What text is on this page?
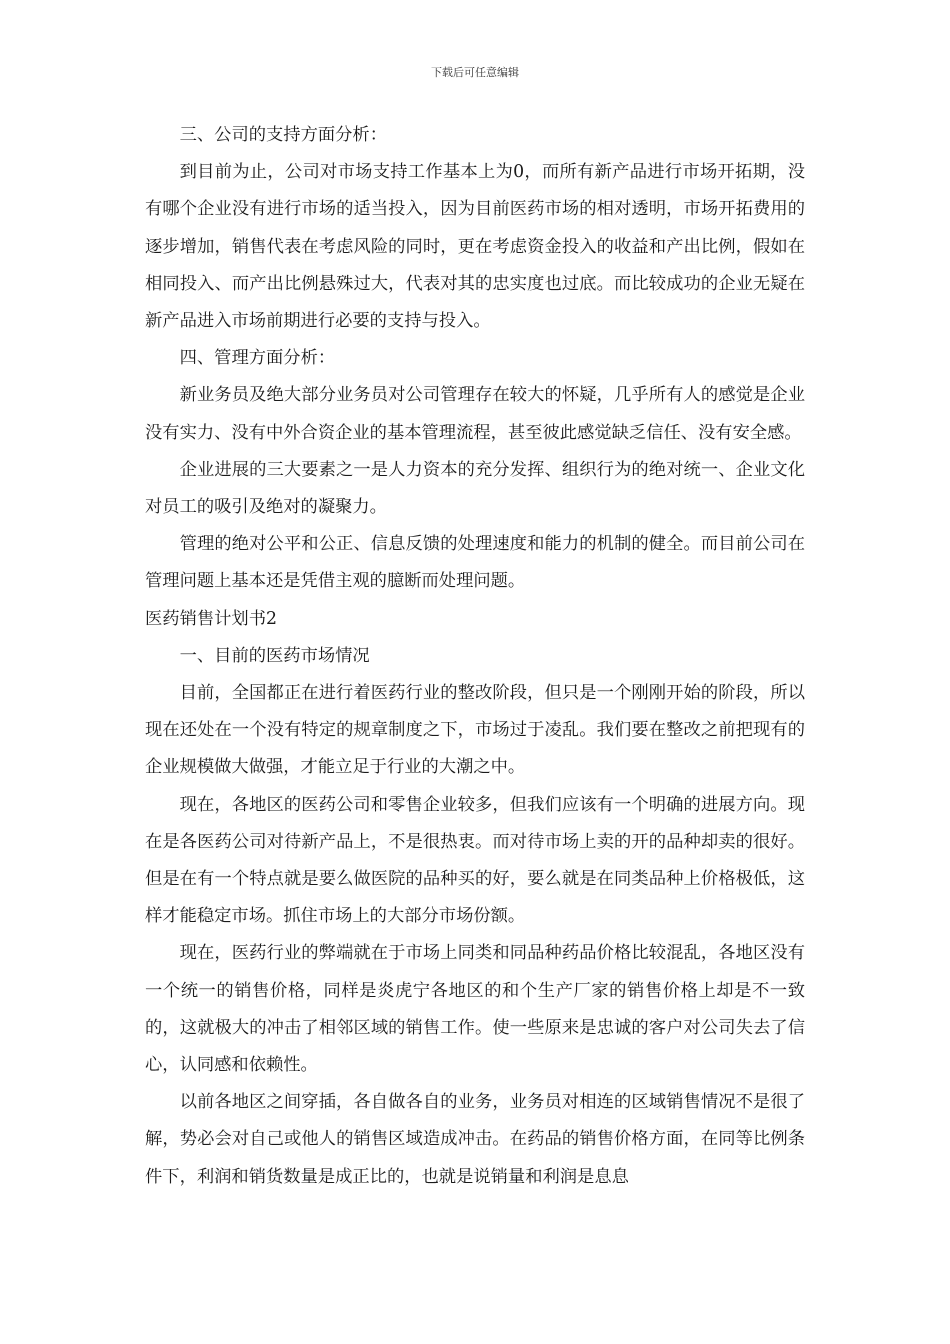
下载后可任意编辑

三、公司的支持方面分析：

到目前为止，公司对市场支持工作基本上为0，而所有新产品进行市场开拓期，没有哪个企业没有进行市场的适当投入，因为目前医药市场的相对透明，市场开拓费用的逐步增加，销售代表在考虑风险的同时，更在考虑资金投入的收益和产出比例，假如在相同投入、而产出比例悬殊过大，代表对其的忠实度也过底。而比较成功的企业无疑在新产品进入市场前期进行必要的支持与投入。

四、管理方面分析：

新业务员及绝大部分业务员对公司管理存在较大的怀疑，几乎所有人的感觉是企业没有实力、没有中外合资企业的基本管理流程，甚至彼此感觉缺乏信任、没有安全感。

企业进展的三大要素之一是人力资本的充分发挥、组织行为的绝对统一、企业文化对员工的吸引及绝对的凝聚力。

管理的绝对公平和公正、信息反馈的处理速度和能力的机制的健全。而目前公司在管理问题上基本还是凭借主观的臆断而处理问题。

医药销售计划书2

一、目前的医药市场情况

目前，全国都正在进行着医药行业的整改阶段，但只是一个刚刚开始的阶段，所以现在还处在一个没有特定的规章制度之下，市场过于凌乱。我们要在整改之前把现有的企业规模做大做强，才能立足于行业的大潮之中。

现在，各地区的医药公司和零售企业较多，但我们应该有一个明确的进展方向。现在是各医药公司对待新产品上，不是很热衷。而对待市场上卖的开的品种却卖的很好。但是在有一个特点就是要么做医院的品种买的好，要么就是在同类品种上价格极低，这样才能稳定市场。抓住市场上的大部分市场份额。

现在，医药行业的弊端就在于市场上同类和同品种药品价格比较混乱，各地区没有一个统一的销售价格，同样是炎虎宁各地区的和个生产厂家的销售价格上却是不一致的，这就极大的冲击了相邻区域的销售工作。使一些原来是忠诚的客户对公司失去了信心，认同感和依赖性。

以前各地区之间穿插，各自做各自的业务，业务员对相连的区域销售情况不是很了解，势必会对自己或他人的销售区域造成冲击。在药品的销售价格方面，在同等比例条件下，利润和销货数量是成正比的，也就是说销量和利润是息息
